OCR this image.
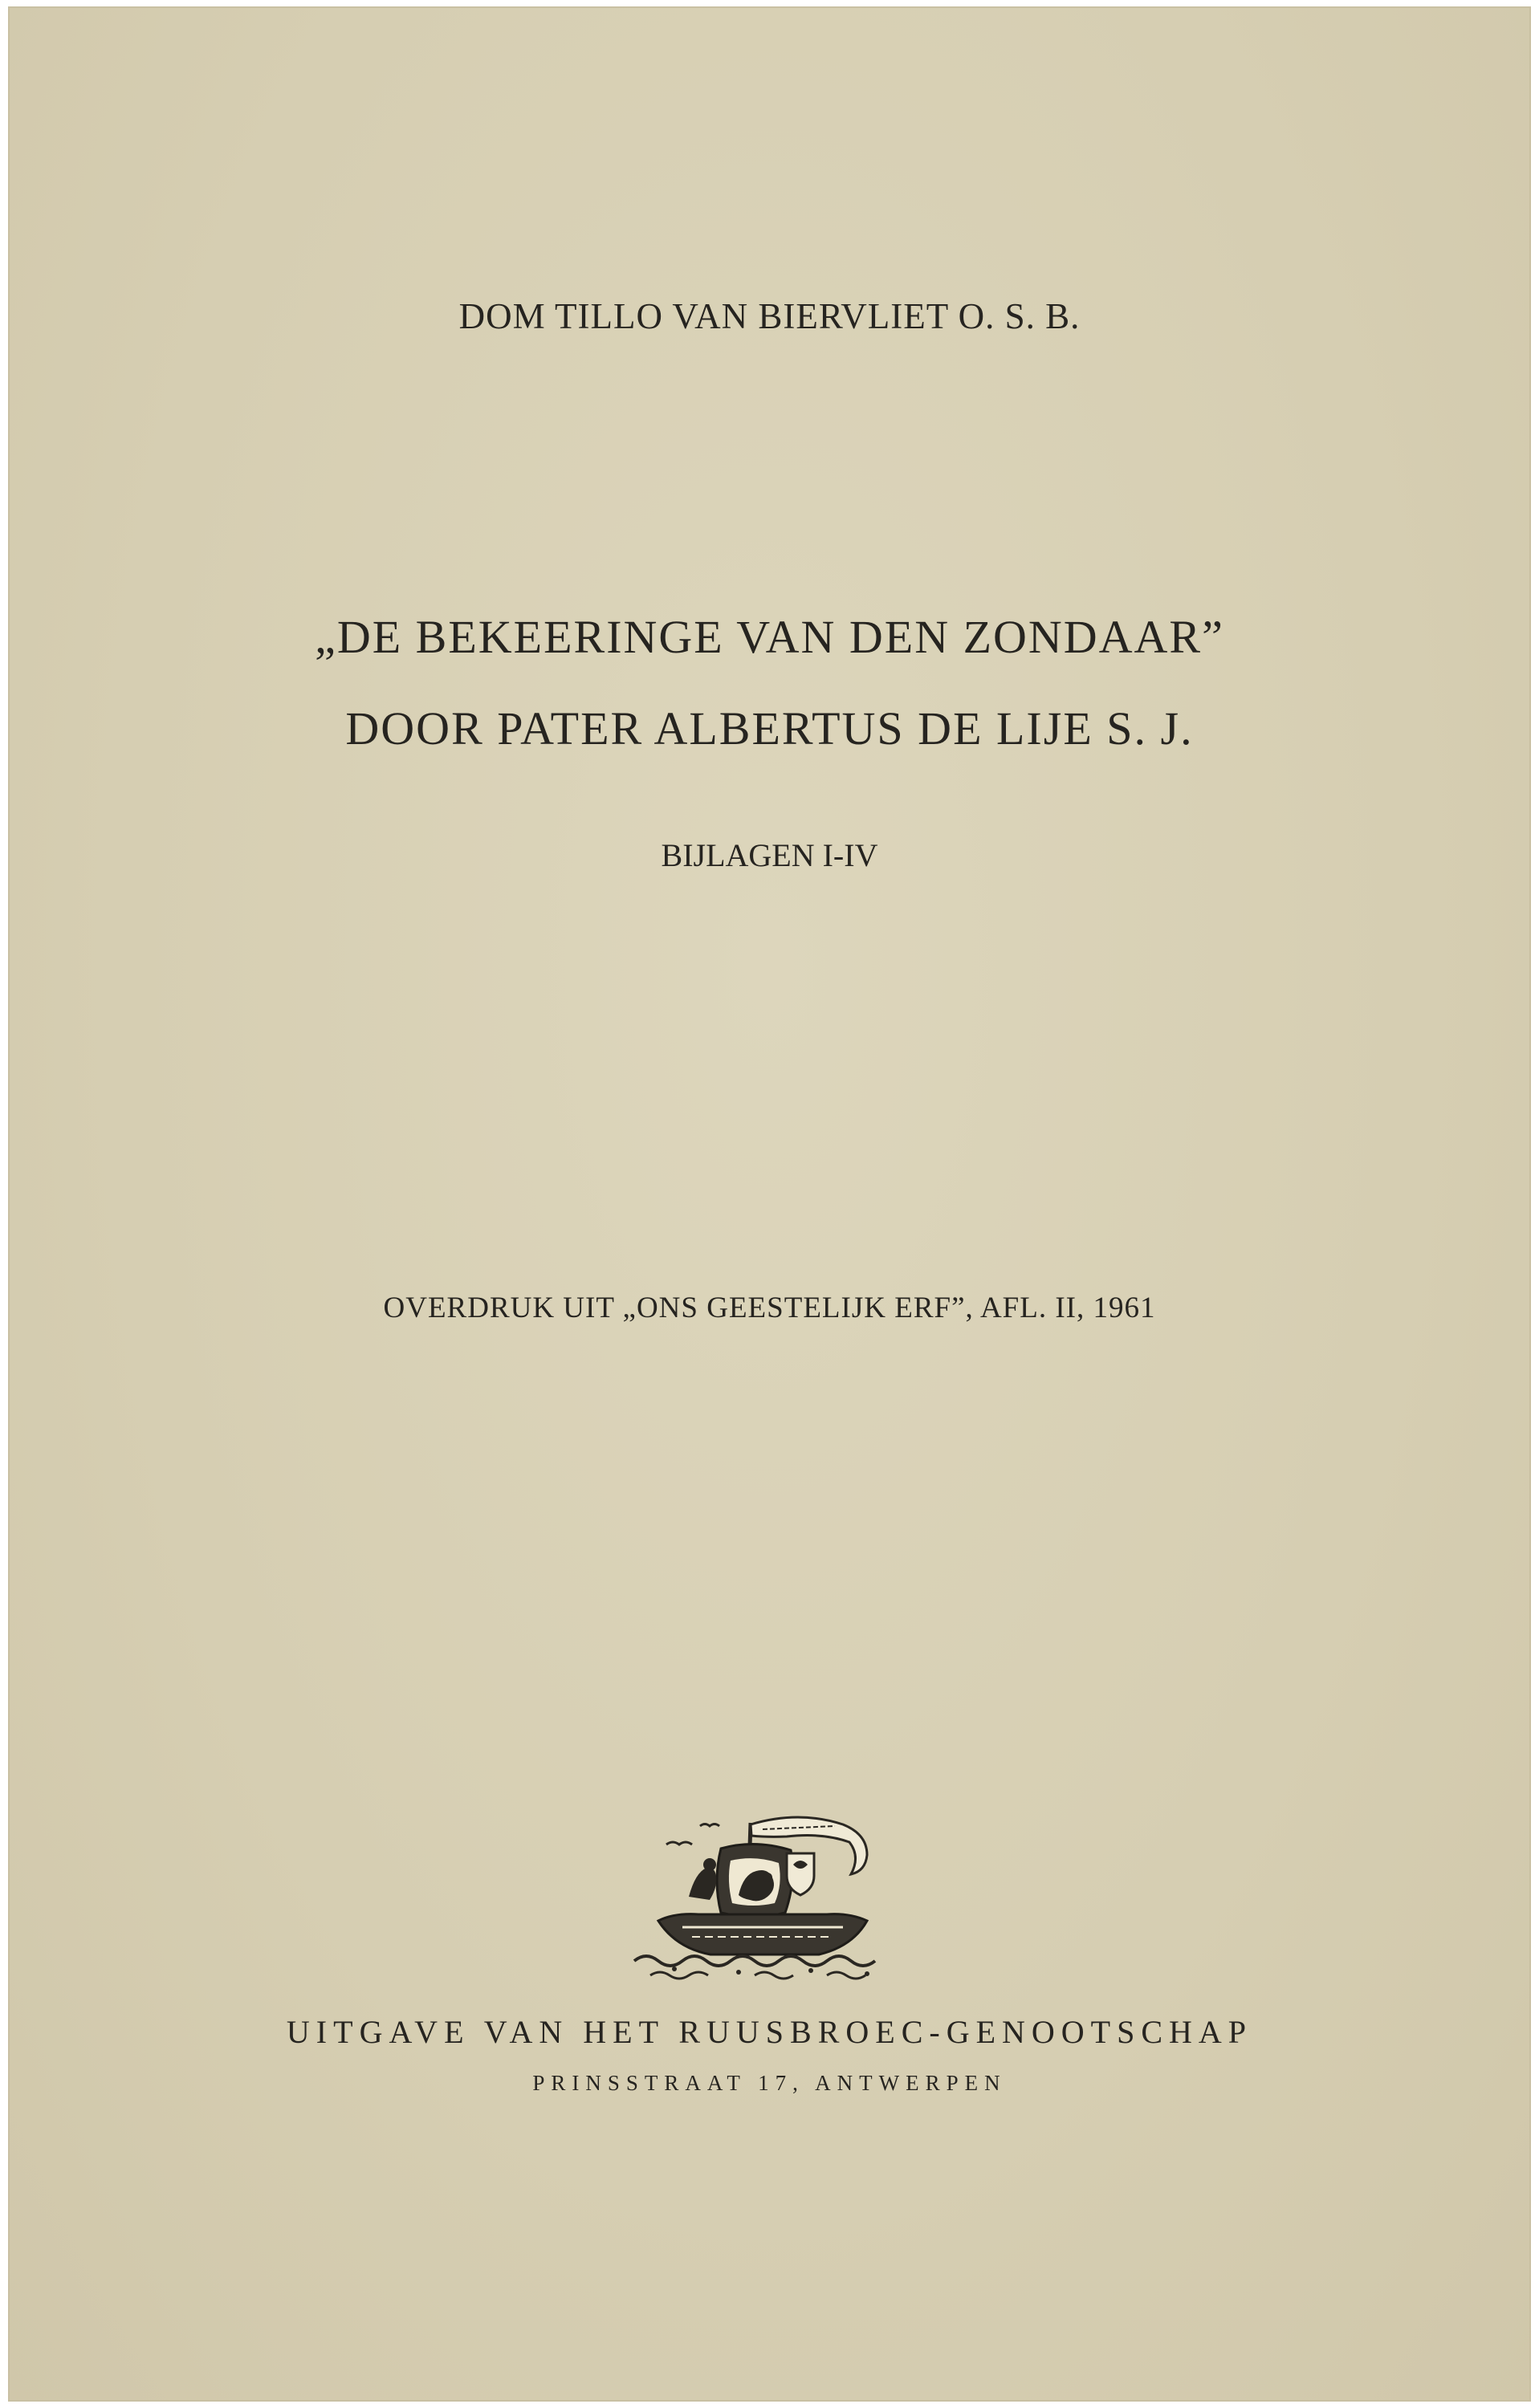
DOM TILLO VAN BIERVLIET O. S. B.
„DE BEKEERINGE VAN DEN ZONDAAR”
DOOR PATER ALBERTUS DE LIJE S. J.
BIJLAGEN I-IV
OVERDRUK UIT „ONS GEESTELIJK ERF”, AFL. II, 1961
UITGAVE VAN HET RUUSBROEC-GENOOTSCHAP
PRINSSTRAAT 17, ANTWERPEN
